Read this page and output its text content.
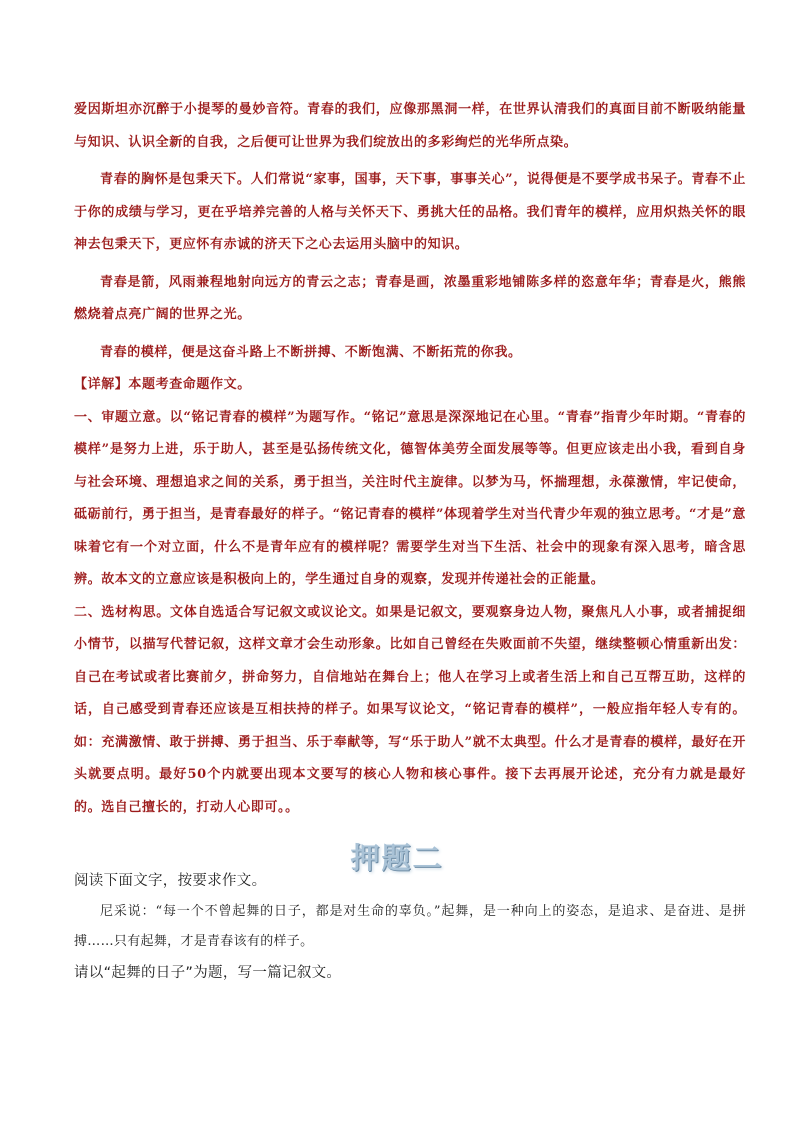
爱因斯坦亦沉醉于小提琴的曼妙音符。青春的我们，应像那黑洞一样，在世界认清我们的真面目前不断吸纳能量与知识、认识全新的自我，之后便可让世界为我们绽放出的多彩绚烂的光华所点染。

青春的胸怀是包秉天下。人们常说“家事，国事，天下事，事事关心”，说得便是不要学成书呆子。青春不止于你的成绩与学习，更在乎培养完善的人格与关怀天下、勇挑大任的品格。我们青年的模样，应用炽热关怀的眼神去包秉天下，更应怀有赤诚的济天下之心去运用头脑中的知识。

青春是箭，风雨兼程地射向远方的青云之志；青春是画，浓墨重彩地铺陈多样的恣意年华；青春是火，熊熊燃烧着点亮广阔的世界之光。

青春的模样，便是这奋斗路上不断拼搏、不断饱满、不断拓荒的你我。

【详解】本题考查命题作文。

一、审题立意。以“铭记青春的模样”为题写作。“铭记”意思是深深地记在心里。“青春”指青少年时期。“青春的模样”是努力上进，乐于助人，甚至是弘扬传统文化，德智体美劳全面发展等等。但更应该走出小我，看到自身与社会环境、理想追求之间的关系，勇于担当，关注时代主旋律。以梦为马，怀揣理想，永葆激情，牢记使命，砥砺前行，勇于担当，是青春最好的样子。“铭记青春的模样”体现着学生对当代青少年观的独立思考。“才是”意味着它有一个对立面，什么不是青年应有的模样呢？需要学生对当下生活、社会中的现象有深入思考，暗含思辨。故本文的立意应该是积极向上的，学生通过自身的观察，发现并传递社会的正能量。

二、选材构思。文体自选适合写记叙文或议论文。如果是记叙文，要观察身边人物，聚焦凡人小事，或者捕捉细小情节，以描写代替记叙，这样文章才会生动形象。比如自己曾经在失败面前不失望，继续整顿心情重新出发：自己在考试或者比赛前夕，拼命努力，自信地站在舞台上；他人在学习上或者生活上和自己互帮互助，这样的话，自己感受到青春还应该是互相扶持的样子。如果写议论文，“铭记青春的模样”，一般应指年轻人专有的。如：充满激情、敢于拼搏、勇于担当、乐于奉献等，写“乐于助人”就不太典型。什么才是青春的模样，最好在开头就要点明。最好50个内就要出现本文要写的核心人物和核心事件。接下去再展开论述，充分有力就是最好的。选自己擅长的，打动人心即可。。

押题二

阅读下面文字，按要求作文。

尼采说：“每一个不曾起舞的日子，都是对生命的辜负。”起舞，是一种向上的姿态，是追求、是奋进、是拼搏……只有起舞，才是青春该有的样子。

请以“起舞的日子”为题，写一篇记叙文。
